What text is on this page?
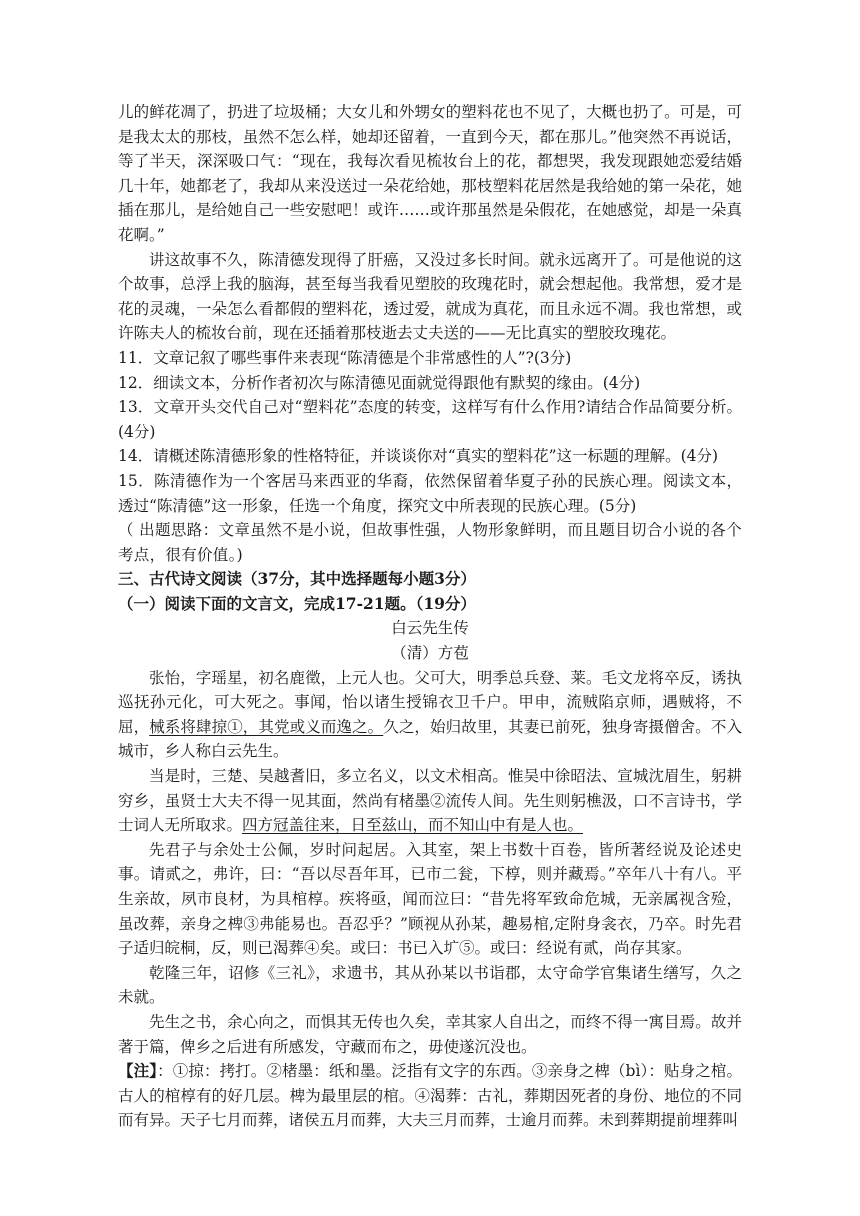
儿的鲜花凋了，扔进了垃圾桶；大女儿和外甥女的塑料花也不见了，大概也扔了。可是，可是我太太的那枝，虽然不怎么样，她却还留着，一直到今天，都在那儿。”他突然不再说话，等了半天，深深吸口气：“现在，我每次看见梳妆台上的花，都想哭，我发现跟她恋爱结婚几十年，她都老了，我却从来没送过一朵花给她，那枝塑料花居然是我给她的第一朵花，她插在那儿，是给她自己一些安慰吧！或许……或许那虽然是朵假花，在她感觉，却是一朵真花啊。”

讲这故事不久，陈清德发现得了肝癌，又没过多长时间。就永远离开了。可是他说的这个故事，总浮上我的脑海，甚至每当我看见塑胶的玫瑰花时，就会想起他。我常想，爱才是花的灵魂，一朵怎么看都假的塑料花，透过爱，就成为真花，而且永远不凋。我也常想，或许陈夫人的梳妆台前，现在还插着那枝逝去丈夫送的——无比真实的塑胶玫瑰花。

11．文章记叙了哪些事件来表现“陈清德是个非常感性的人”?(3分)

12．细读文本，分析作者初次与陈清德见面就觉得跟他有默契的缘由。(4分)

13．文章开头交代自己对“塑料花”态度的转变，这样写有什么作用?请结合作品简要分析。(4分)

14．请概述陈清德形象的性格特征，并谈谈你对“真实的塑料花”这一标题的理解。(4分)

15．陈清德作为一个客居马来西亚的华裔，依然保留着华夏子孙的民族心理。阅读文本，透过“陈清德”这一形象，任选一个角度，探究文中所表现的民族心理。(5分)

（ 出题思路：文章虽然不是小说，但故事性强，人物形象鲜明，而且题目切合小说的各个考点，很有价值。)

三、古代诗文阅读（37分，其中选择题每小题3分）

（一）阅读下面的文言文，完成17-21题。（19分）

白云先生传

（清）方苞

张怡，字瑶星，初名鹿徵，上元人也。父可大，明季总兵登、莱。毛文龙将卒反，诱执巡抚孙元化，可大死之。事闻，怡以诸生授锦衣卫千户。甲申，流贼陷京师，遇贼将，不屈，械系将肆掠①，其党或义而逸之。久之，始归故里，其妻已前死，独身寄摄僧舍。不入城市，乡人称白云先生。

当是时，三楚、吴越耆旧，多立名义，以文术相高。惟吴中徐昭法、宣城沈眉生，躬耕穷乡，虽贤士大夫不得一见其面，然尚有楮墨②流传人间。先生则躬樵汲，口不言诗书，学士词人无所取求。四方冠盖往来，日至兹山，而不知山中有是人也。

先君子与余处士公佩，岁时问起居。入其室，架上书数十百卷，皆所著经说及论述史事。请贰之，弗许，曰：“吾以尽吾年耳，已市二瓮，下椁，则并藏焉。”卒年八十有八。平生亲故，夙市良材，为具棺椁。疾将亟，闻而泣曰：“昔先将军致命危城，无亲属视含殓，虽改葬，亲身之椑③弗能易也。吾忍乎？”顾视从孙某，趣易棺,定附身衾衣，乃卒。时先君子适归皖桐，反，则已渴葬④矣。或曰：书已入圹⑤。或曰：经说有贰，尚存其家。

乾隆三年，诏修《三礼》，求遗书，其从孙某以书诣郡，太守命学官集诸生缮写，久之未就。

先生之书，余心向之，而惧其无传也久矣，幸其家人自出之，而终不得一寓目焉。故并著于篇，俾乡之后进有所感发，守藏而布之，毋使遂沉没也。

【注】：①掠：拷打。②楮墨：纸和墨。泛指有文字的东西。③亲身之椑（bì）：贴身之棺。古人的棺椁有的好几层。椑为最里层的棺。④渴葬：古礼，葬期因死者的身份、地位的不同而有异。天子七月而葬，诸侯五月而葬，大夫三月而葬，士逾月而葬。未到葬期提前埋葬叫
